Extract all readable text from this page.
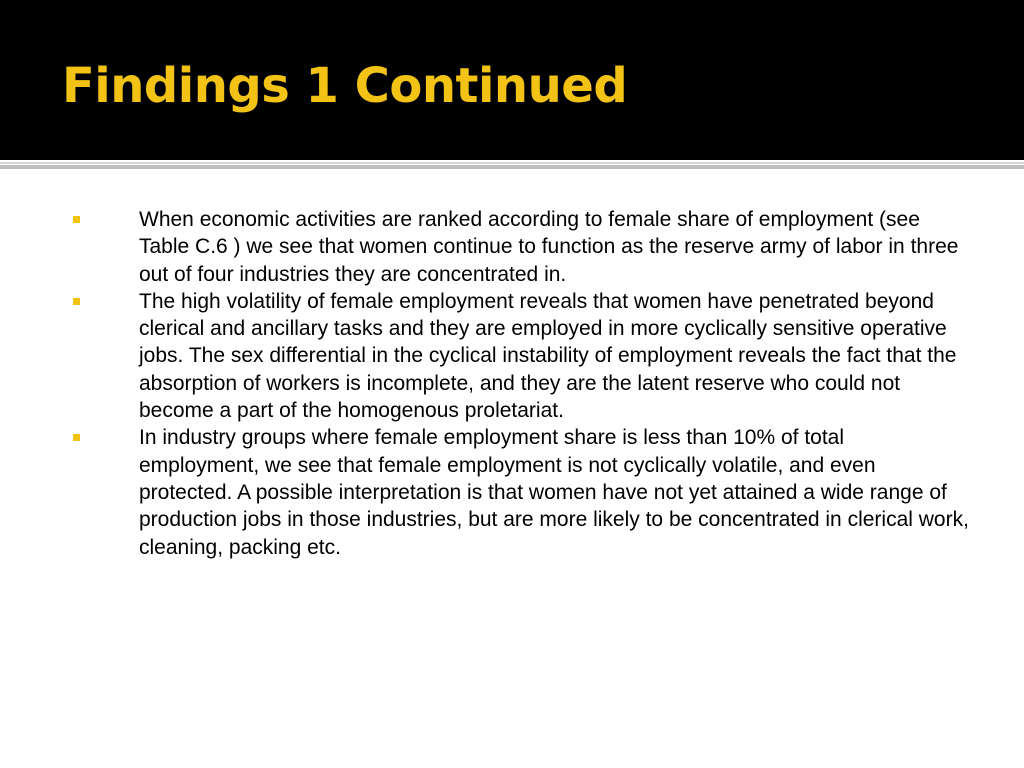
Findings 1 Continued
When economic activities are ranked according to female share of employment (see Table C.6 ) we see that women continue to function as the reserve army of labor in three out of four industries they are concentrated in.
The high volatility of female employment reveals that women have penetrated beyond clerical and ancillary tasks and they are employed in more cyclically sensitive operative jobs. The sex differential in the cyclical instability of employment reveals the fact that the absorption of workers is incomplete, and they are the latent reserve who could not become a part of the homogenous proletariat.
In industry groups where female employment share is less than 10% of total employment, we see that female employment is not cyclically volatile, and even protected. A possible interpretation is that women have not yet attained a wide range of production jobs in those industries, but are more likely to be concentrated in clerical work, cleaning, packing etc.
